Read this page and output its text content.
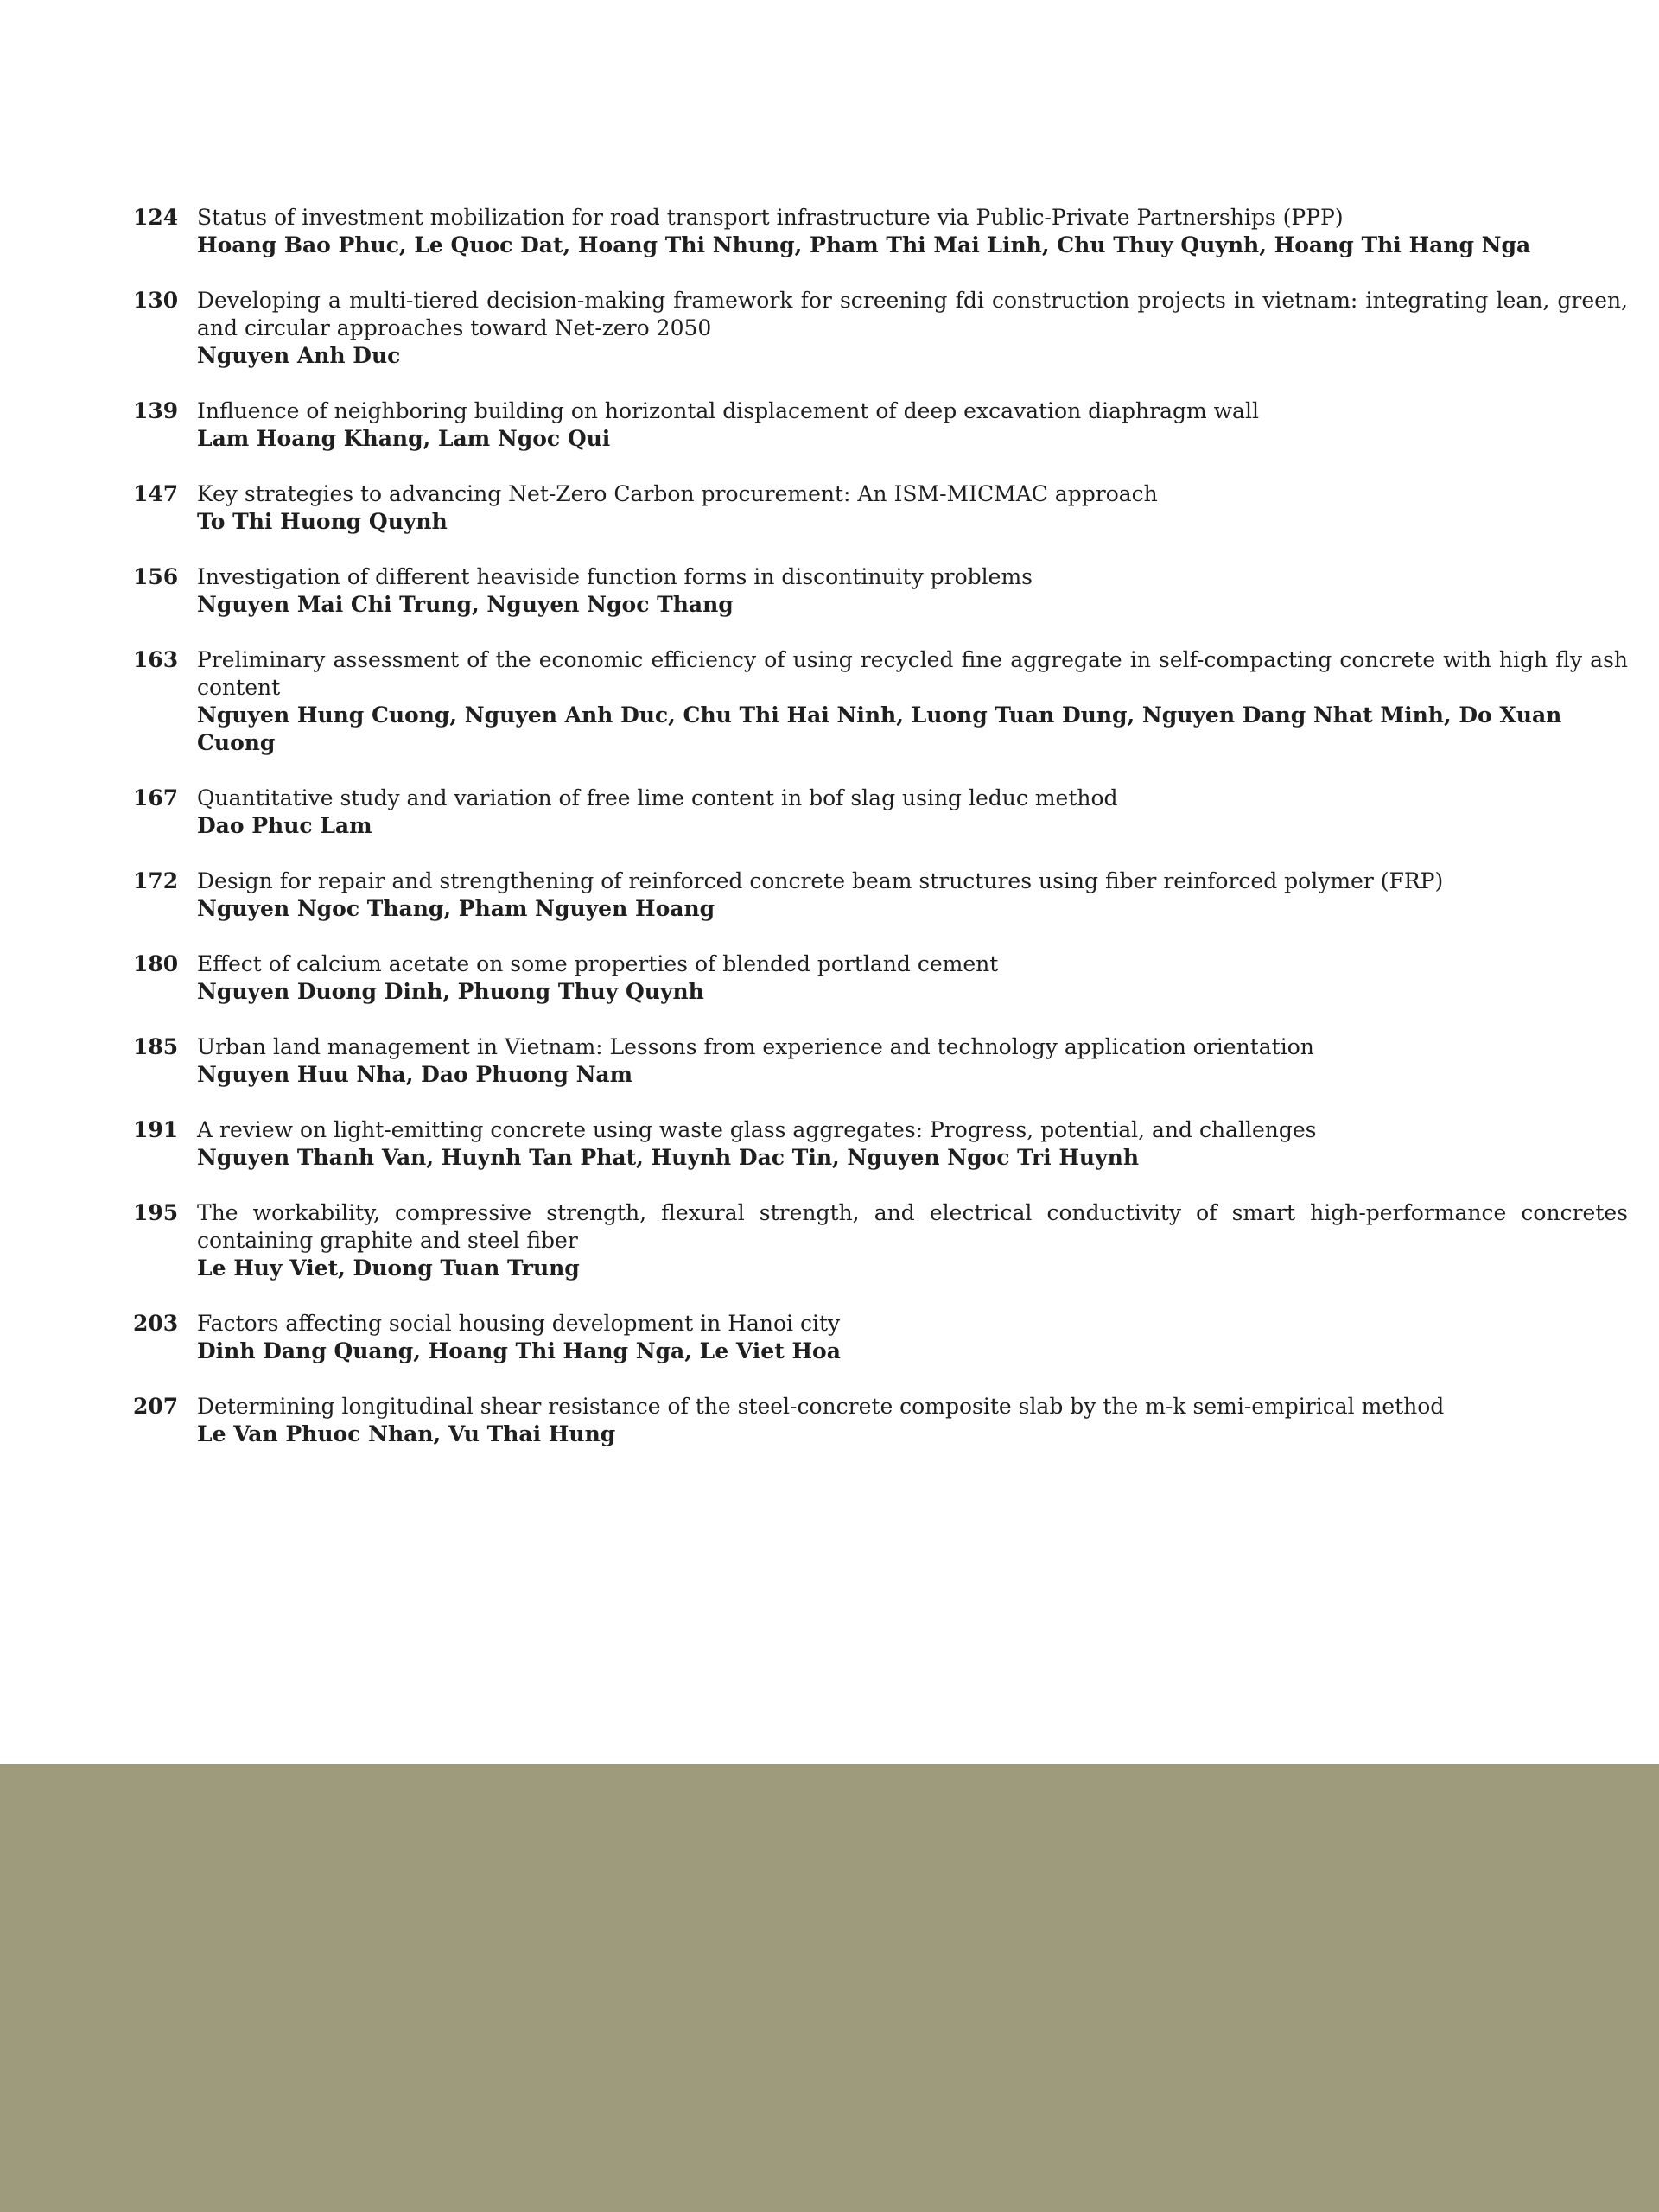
124 Status of investment mobilization for road transport infrastructure via Public-Private Partnerships (PPP)
Hoang Bao Phuc, Le Quoc Dat, Hoang Thi Nhung, Pham Thi Mai Linh, Chu Thuy Quynh, Hoang Thi Hang Nga
130 Developing a multi-tiered decision-making framework for screening fdi construction projects in vietnam: integrating lean, green, and circular approaches toward Net-zero 2050
Nguyen Anh Duc
139 Influence of neighboring building on horizontal displacement of deep excavation diaphragm wall
Lam Hoang Khang, Lam Ngoc Qui
147 Key strategies to advancing Net-Zero Carbon procurement: An ISM-MICMAC approach
To Thi Huong Quynh
156 Investigation of different heaviside function forms in discontinuity problems
Nguyen Mai Chi Trung, Nguyen Ngoc Thang
163 Preliminary assessment of the economic efficiency of using recycled fine aggregate in self-compacting concrete with high fly ash content
Nguyen Hung Cuong, Nguyen Anh Duc, Chu Thi Hai Ninh, Luong Tuan Dung, Nguyen Dang Nhat Minh, Do Xuan Cuong
167 Quantitative study and variation of free lime content in bof slag using leduc method
Dao Phuc Lam
172 Design for repair and strengthening of reinforced concrete beam structures using fiber reinforced polymer (FRP)
Nguyen Ngoc Thang, Pham Nguyen Hoang
180 Effect of calcium acetate on some properties of blended portland cement
Nguyen Duong Dinh, Phuong Thuy Quynh
185 Urban land management in Vietnam: Lessons from experience and technology application orientation
Nguyen Huu Nha, Dao Phuong Nam
191 A review on light-emitting concrete using waste glass aggregates: Progress, potential, and challenges
Nguyen Thanh Van, Huynh Tan Phat, Huynh Dac Tin, Nguyen Ngoc Tri Huynh
195 The workability, compressive strength, flexural strength, and electrical conductivity of smart high-performance concretes containing graphite and steel fiber
Le Huy Viet, Duong Tuan Trung
203 Factors affecting social housing development in Hanoi city
Dinh Dang Quang, Hoang Thi Hang Nga, Le Viet Hoa
207 Determining longitudinal shear resistance of the steel-concrete composite slab by the m-k semi-empirical method
Le Van Phuoc Nhan, Vu Thai Hung
